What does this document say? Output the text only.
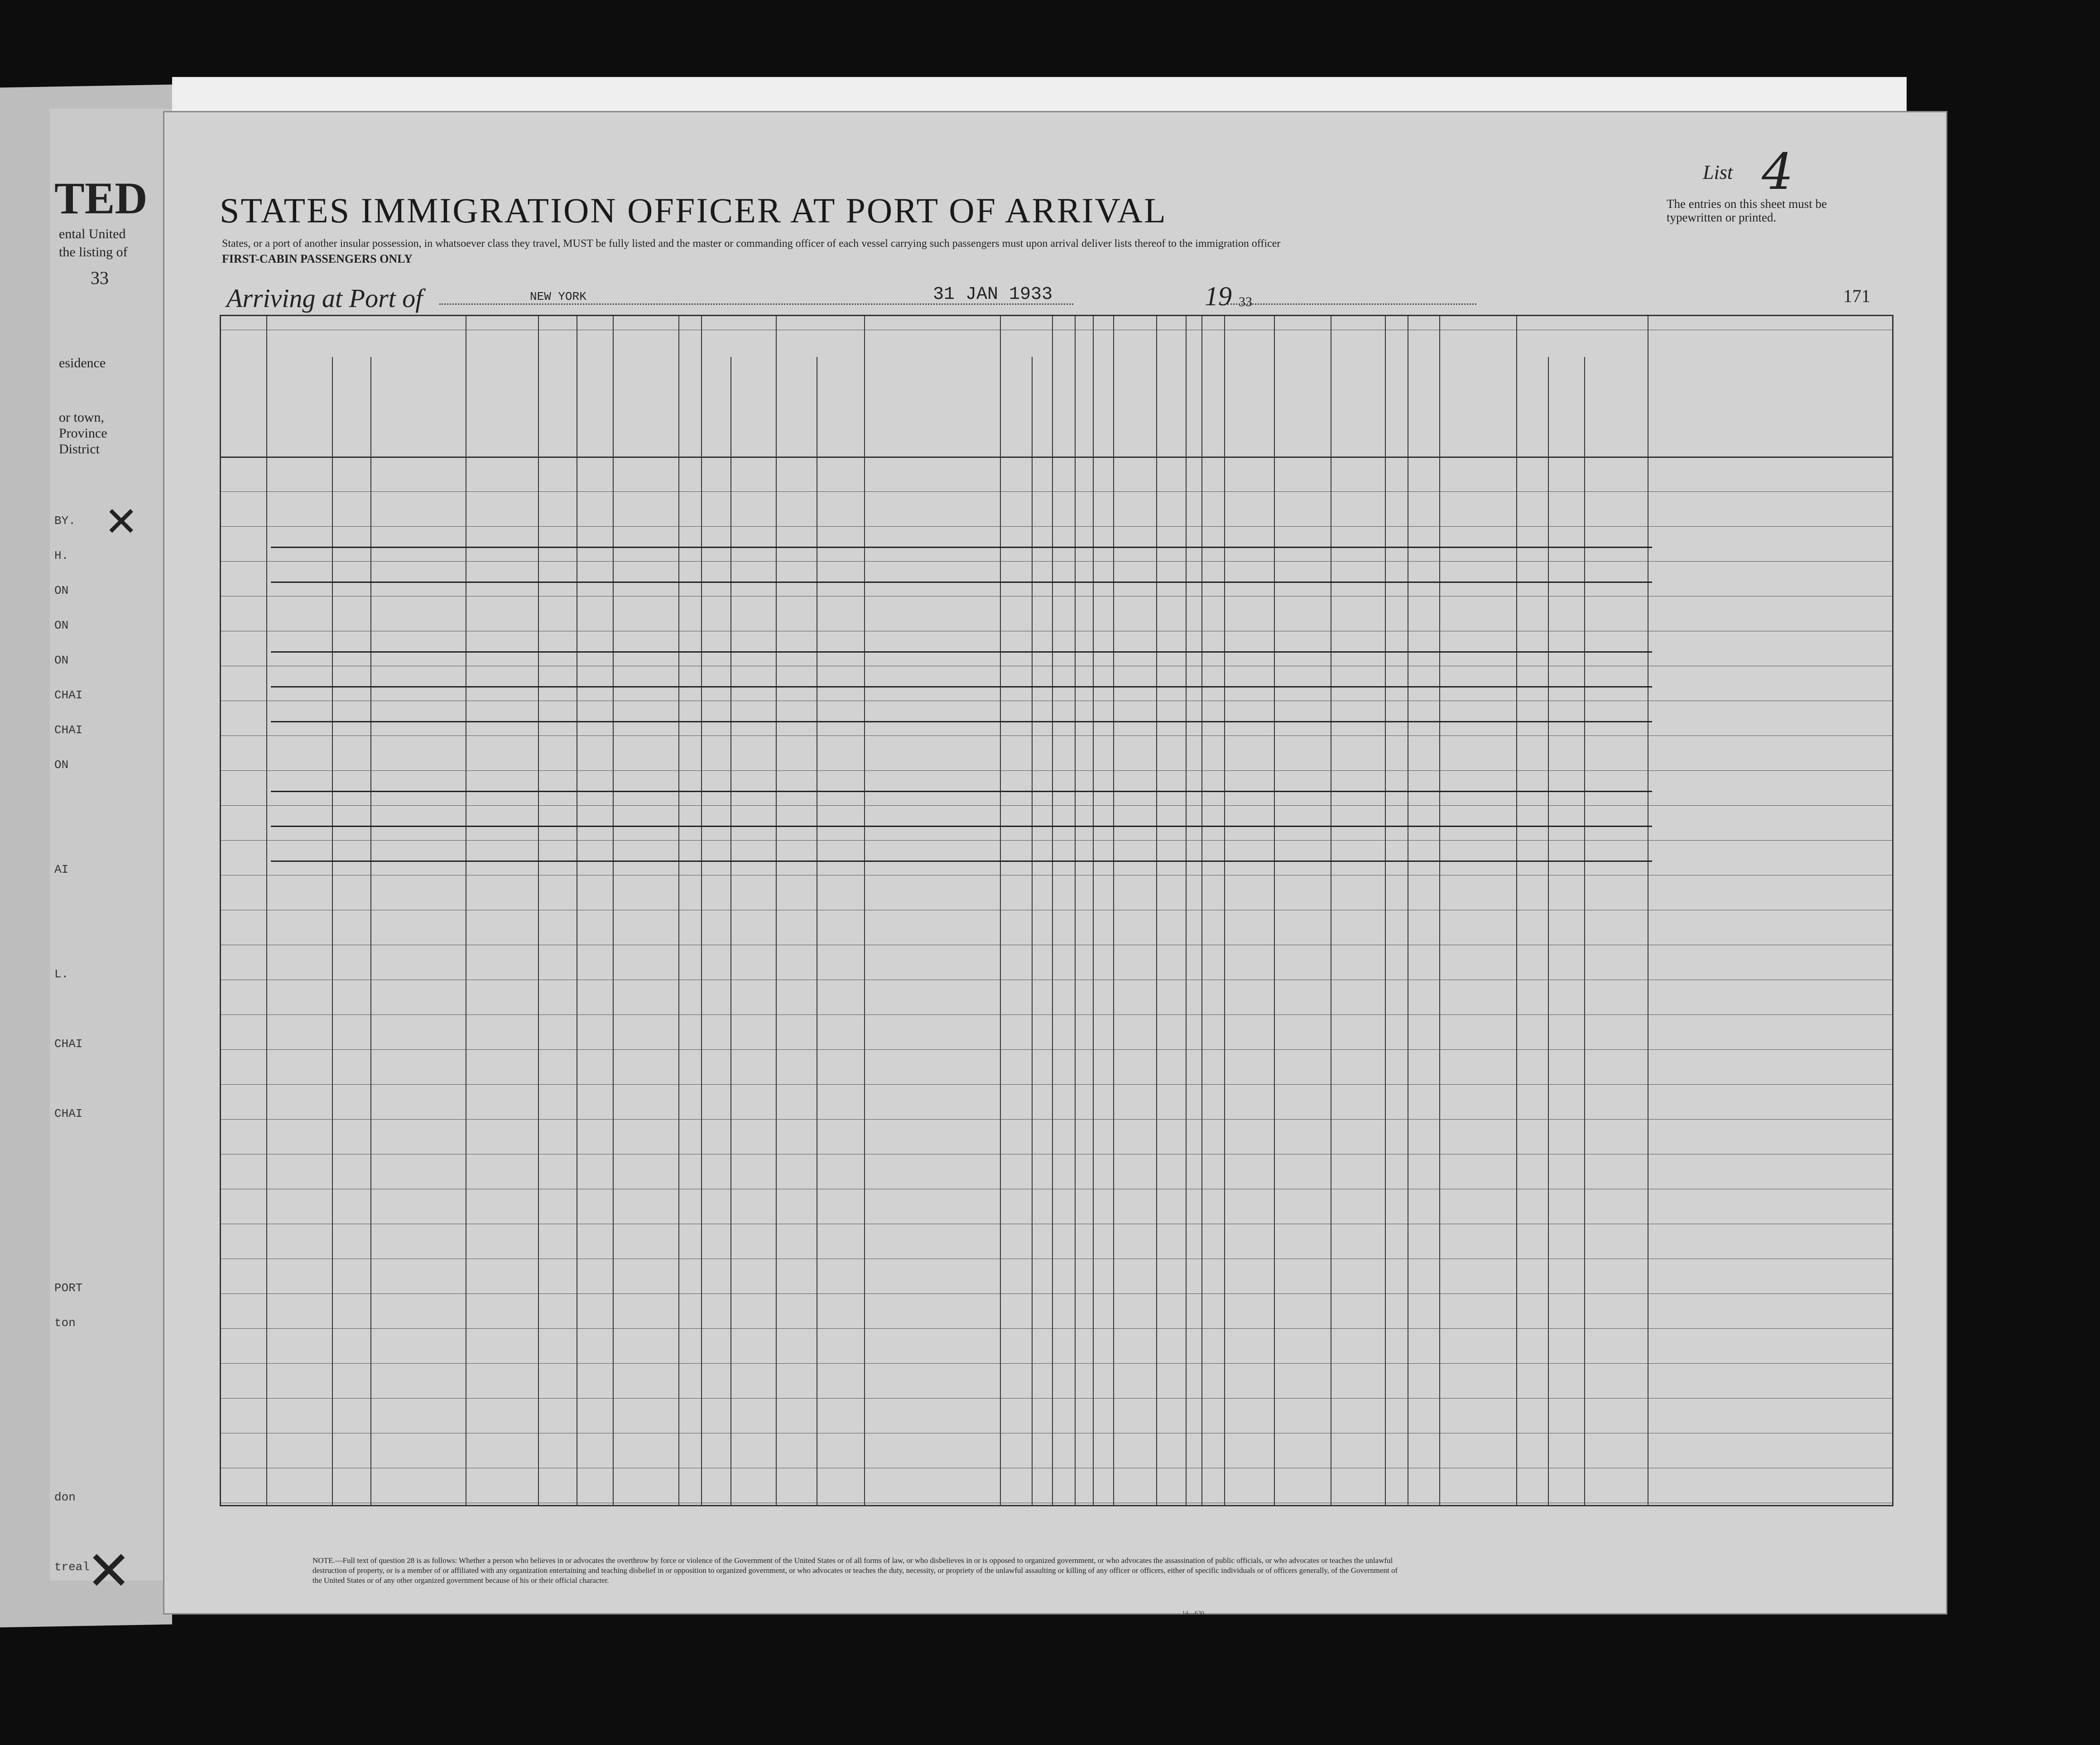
TED
ental United
the listing of
33
esidence
or town,
Province
District
BY.
H.
ON
ON
ON
CHAI
CHAI
ON
AI
L.
CHAI
CHAI
PORT
ton
don
treal
List 4
STATES IMMIGRATION OFFICER AT PORT OF ARRIVAL	The entries on this sheet must be typewritten or printed.
States, or a port of another insular possession, in whatsoever class they travel, MUST be fully listed and the master or commanding officer of each vessel carrying such passengers must upon arrival deliver lists thereof to the immigration officer
FIRST-CABIN PASSENGERS ONLY
Arriving at Port of	NEW YORK	31 JAN 1933	19 33	171
NOTE.—Full text of question 28 is as follows: Whether a person who believes in or advocates the overthrow by force or violence of the Government of the United States or of all forms of law, or who disbelieves in or is opposed to organized government, or who advocates the assassination of public officials, or who advocates or teaches the unlawful destruction of property, or is a member of or affiliated with any organization entertaining and teaching disbelief in or opposition to organized government, or who advocates or teaches the duty, necessity, or propriety of the unlawful assaulting or killing of any officer or officers, either of specific individuals or of officers generally, of the Government of the United States or of any other organized government because of his or their official character.
14—630
✕
✕
